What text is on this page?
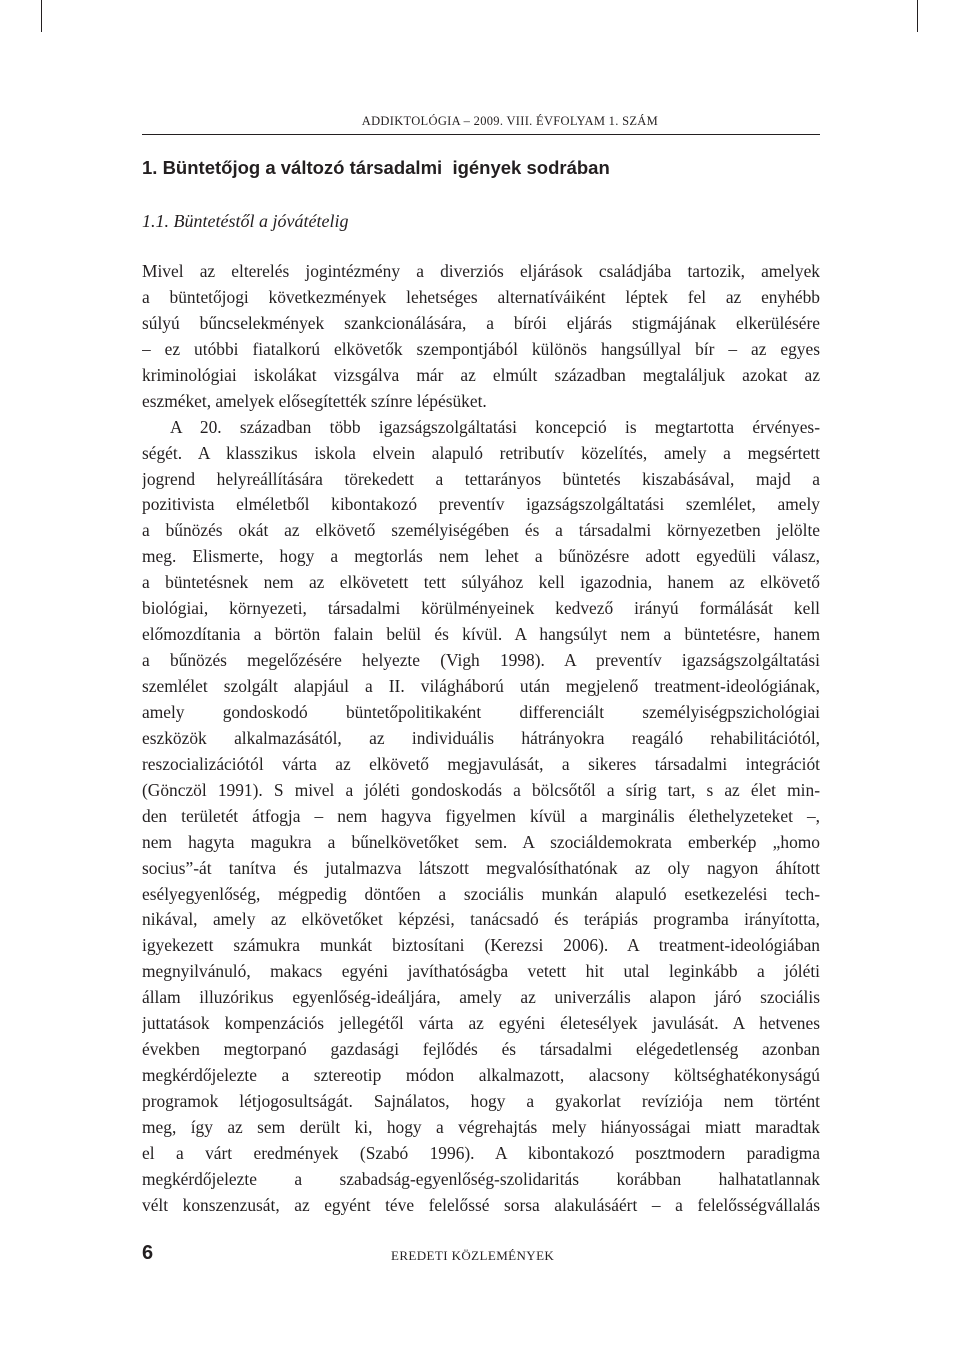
ADDIKTOLÓGIA – 2009. VIII. ÉVFOLYAM 1. SZÁM
1. Büntetőjog a változó társadalmi  igények sodrában
1.1. Büntetéstől a jóvátételig
Mivel az elterelés jogintézmény a diverziós eljárások családjába tartozik, amelyek
a büntetőjogi következmények lehetséges alternatíváiként léptek fel az enyhébb
súlyú bűncselekmények szankcionálására, a bírói eljárás stigmájának elkerülésére
– ez utóbbi fiatalkorú elkövetők szempontjából különös hangsúllyal bír – az egyes
kriminológiai iskolákat vizsgálva már az elmúlt században megtaláljuk azokat az
eszméket, amelyek elősegítették színre lépésüket.
A 20. században több igazságszolgáltatási koncepció is megtartotta érvényes-
ségét. A klasszikus iskola elvein alapuló retributív közelítés, amely a megsértett
jogrend helyreállítására törekedett a tettarányos büntetés kiszabásával, majd a
pozitivista elméletből kibontakozó preventív igazságszolgáltatási szemlélet, amely
a bűnözés okát az elkövető személyiségében és a társadalmi környezetben jelölte
meg. Elismerte, hogy a megtorlás nem lehet a bűnözésre adott egyedüli válasz,
a büntetésnek nem az elkövetett tett súlyához kell igazodnia, hanem az elkövető
biológiai, környezeti, társadalmi körülményeinek kedvező irányú formálását kell
előmozdítania a börtön falain belül és kívül. A hangsúlyt nem a büntetésre, hanem
a bűnözés megelőzésére helyezte (Vigh 1998). A preventív igazságszolgáltatási
szemlélet szolgált alapjául a II. világháború után megjelenő treatment-ideológiának,
amely gondoskodó büntetőpolitikaként differenciált személyiségpszichológiai
eszközök alkalmazásától, az individuális hátrányokra reagáló rehabilitációtól,
reszocializációtól várta az elkövető megjavulását, a sikeres társadalmi integrációt
(Gönczöl 1991). S mivel a jóléti gondoskodás a bölcsőtől a sírig tart, s az élet min-
den területét átfogja – nem hagyva figyelmen kívül a marginális élethelyzeteket –,
nem hagyta magukra a bűnelkövetőket sem. A szociáldemokrata emberkép „homo
socius”-át tanítva és jutalmazva látszott megvalósíthatónak az oly nagyon áhított
esélyegyenlőség, mégpedig döntően a szociális munkán alapuló esetkezelési tech-
nikával, amely az elkövetőket képzési, tanácsadó és terápiás programba irányította,
igyekezett számukra munkát biztosítani (Kerezsi 2006). A treatment-ideológiában
megnyilvánuló, makacs egyéni javíthatóságba vetett hit utal leginkább a jóléti
állam illuzórikus egyenlőség-ideáljára, amely az univerzális alapon járó szociális
juttatások kompenzációs jellegétől várta az egyéni életesélyek javulását. A hetvenes
években megtorpanó gazdasági fejlődés és társadalmi elégedetlenség azonban
megkérdőjelezte a sztereotip módon alkalmazott, alacsony költséghatékonyságú
programok létjogosultságát. Sajnálatos, hogy a gyakorlat revíziója nem történt
meg, így az sem derült ki, hogy a végrehajtás mely hiányosságai miatt maradtak
el a várt eredmények (Szabó 1996). A kibontakozó posztmodern paradigma
megkérdőjelezte a szabadság-egyenlőség-szolidaritás korábban halhatatlannak
vélt konszenzusát, az egyént téve felelőssé sorsa alakulásáért – a felelősségvállalás
6	EREDETI KÖZLEMÉNYEK
